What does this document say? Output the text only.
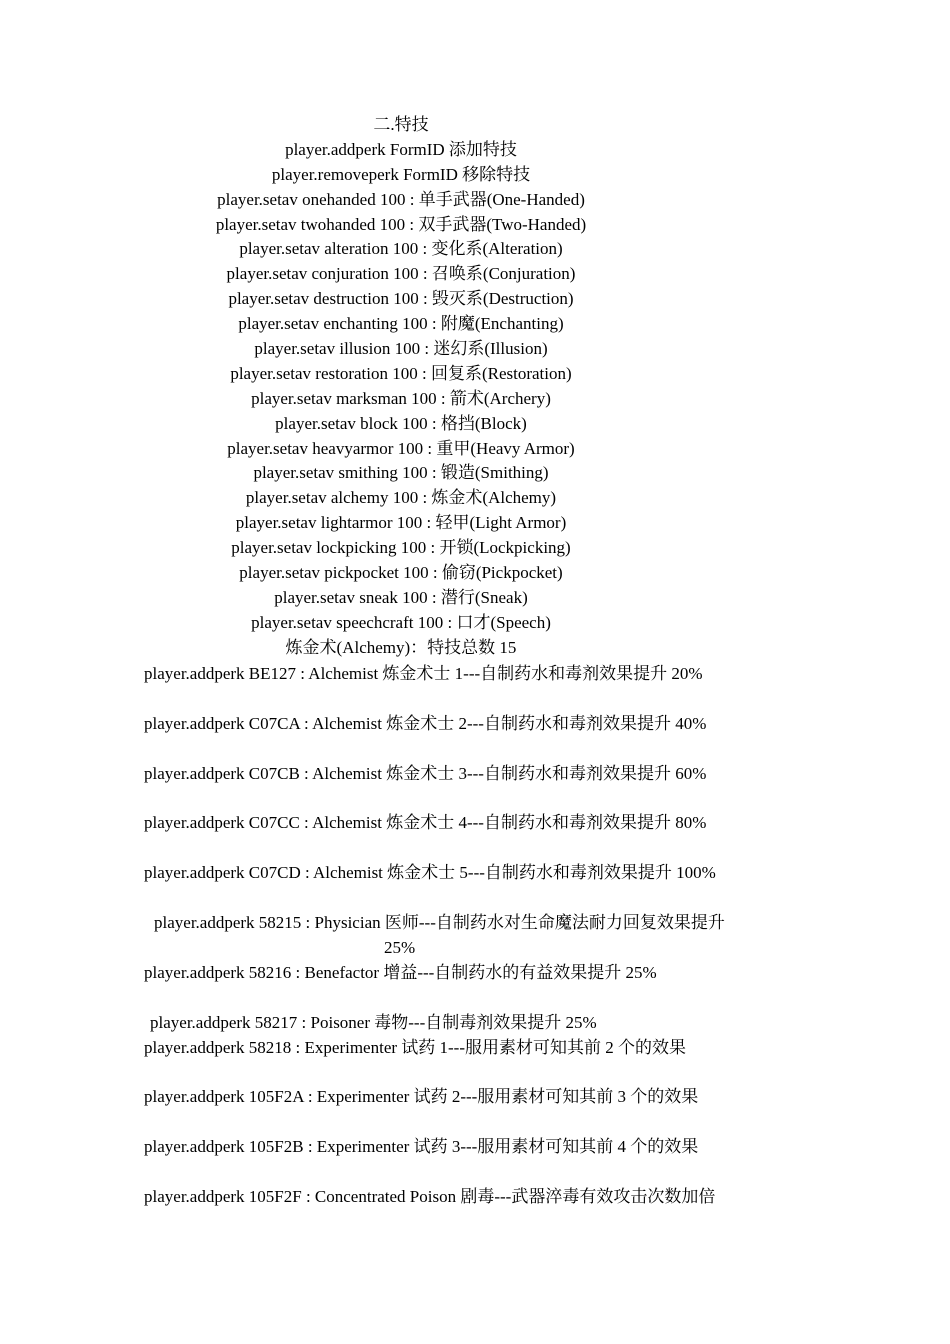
二.特技
player.addperk FormID 添加特技
player.removeperk FormID 移除特技
player.setav onehanded 100 : 单手武器(One-Handed)
player.setav twohanded 100 : 双手武器(Two-Handed)
player.setav alteration 100 : 变化系(Alteration)
player.setav conjuration 100 : 召唤系(Conjuration)
player.setav destruction 100 : 毁灭系(Destruction)
player.setav enchanting 100 : 附魔(Enchanting)
player.setav illusion 100 : 迷幻系(Illusion)
player.setav restoration 100 : 回复系(Restoration)
player.setav marksman 100 : 箭术(Archery)
player.setav block 100 : 格挡(Block)
player.setav heavyarmor 100 : 重甲(Heavy Armor)
player.setav smithing 100 : 锻造(Smithing)
player.setav alchemy 100 : 炼金术(Alchemy)
player.setav lightarmor 100 : 轻甲(Light Armor)
player.setav lockpicking 100 : 开锁(Lockpicking)
player.setav pickpocket 100 : 偷窃(Pickpocket)
player.setav sneak 100 : 潜行(Sneak)
player.setav speechcraft 100 : 口才(Speech)
炼金术(Alchemy)：特技总数 15
player.addperk BE127 : Alchemist 炼金术士 1---自制药水和毒剂效果提升 20%
player.addperk C07CA : Alchemist 炼金术士 2---自制药水和毒剂效果提升 40%
player.addperk C07CB : Alchemist 炼金术士 3---自制药水和毒剂效果提升 60%
player.addperk C07CC : Alchemist 炼金术士 4---自制药水和毒剂效果提升 80%
player.addperk C07CD : Alchemist 炼金术士 5---自制药水和毒剂效果提升 100%
player.addperk 58215 : Physician 医师---自制药水对生命魔法耐力回复效果提升
25%
player.addperk 58216 : Benefactor 增益---自制药水的有益效果提升 25%
player.addperk 58217 : Poisoner 毒物---自制毒剂效果提升 25%
player.addperk 58218 : Experimenter 试药 1---服用素材可知其前 2 个的效果
player.addperk 105F2A : Experimenter 试药 2---服用素材可知其前 3 个的效果
player.addperk 105F2B : Experimenter 试药 3---服用素材可知其前 4 个的效果
player.addperk 105F2F : Concentrated Poison 剧毒---武器淬毒有效攻击次数加倍
